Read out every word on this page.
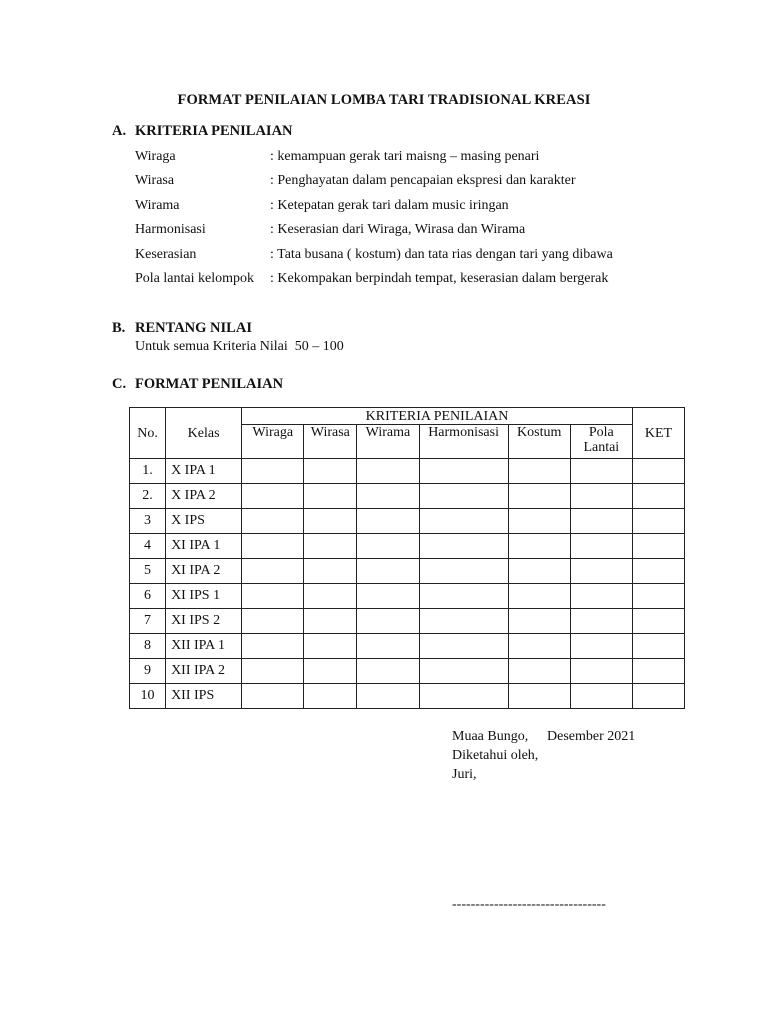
FORMAT PENILAIAN LOMBA TARI TRADISIONAL KREASI
A. KRITERIA PENILAIAN
Wiraga	: kemampuan gerak tari maisng – masing penari
Wirasa	: Penghayatan dalam pencapaian ekspresi dan karakter
Wirama	: Ketepatan gerak tari dalam music iringan
Harmonisasi	: Keserasian dari Wiraga, Wirasa dan Wirama
Keserasian	: Tata busana ( kostum) dan tata rias dengan tari yang dibawa
Pola lantai kelompok : Kekompakan berpindah tempat, keserasian dalam bergerak
B. RENTANG NILAI
Untuk semua Kriteria Nilai  50 – 100
C. FORMAT PENILAIAN
No.	Kelas	KRITERIA PENILAIAN						KET
		Wiraga	Wirasa	Wirama	Harmonisasi	Kostum	Pola Lantai	
1.	X IPA 1							
2.	X IPA 2							
3	X IPS							
4	XI IPA 1							
5	XI IPA 2							
6	XI IPS 1							
7	XI IPS 2							
8	XII IPA 1							
9	XII IPA 2							
10	XII IPS							
Muaa Bungo, Desember 2021
Diketahui oleh,
Juri,
---------------------------------
